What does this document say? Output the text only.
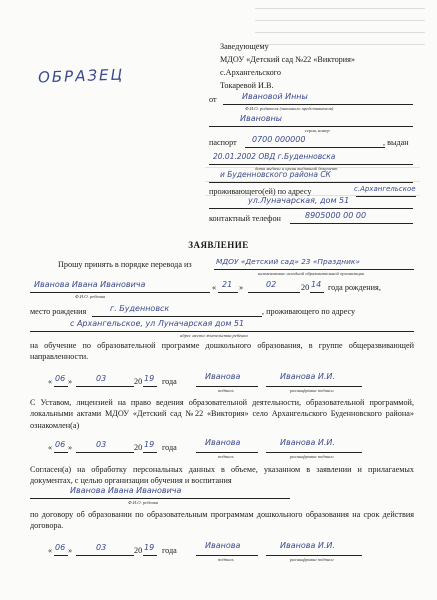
Заведующему
МДОУ «Детский сад №22 «Виктория»
с.Архангельского
Токаревой И.В.
ОБРАЗЕЦ
от	Ивановой Инны
Ф.И.О. родителя (законного представителя)
Ивановны
серия, номер
паспорт 0700 000000	, выдан
20.01.2002 ОВД г.Буденновска
дата выдачи и орган выдавший документ
и Буденновского района СК
проживающего(ей) по адресу	с.Архангельское
ул.Луначарская, дом 51
контактный телефон	8905000 00 00
ЗАЯВЛЕНИЕ
Прошу принять в порядке перевода из	МДОУ «Детский сад» 23 «Праздник»
наименование исходной образовательной организации
Иванова Ивана Ивановича
Ф.И.О. ребенка
« 21 »	02	20 14 года рождения,
место рождения	г. Буденновск	, проживающего по адресу
с Архангельское, ул Луначарская дом 51
адрес места жительства ребенка
на обучение по образовательной программе дошкольного образования, в группе общеразвивающей направленности.
« 06 »	03	20 19 года
Иванова
подпись
Иванова И.И.
расшифровка подписи
С Уставом, лицензией на право ведения образовательной деятельности, образовательной программой, локальными актами МДОУ «Детский сад №22 «Виктория» село Архангельского Буденновского района» ознакомлен(а)
« 06 »	03	20 19 года
Иванова
подпись
Иванова И.И.
расшифровка подписи
Согласен(а) на обработку персональных данных в объеме, указанном в заявлении и прилагаемых документах, с целью организации обучения и воспитания
Иванова Ивана Ивановича
Ф.И.О. ребенка
по договору об образовании по образовательным программам дошкольного образования на срок действия договора.
« 06 »	03	20 19 года
Иванова
подпись
Иванова И.И.
расшифровка подписи
